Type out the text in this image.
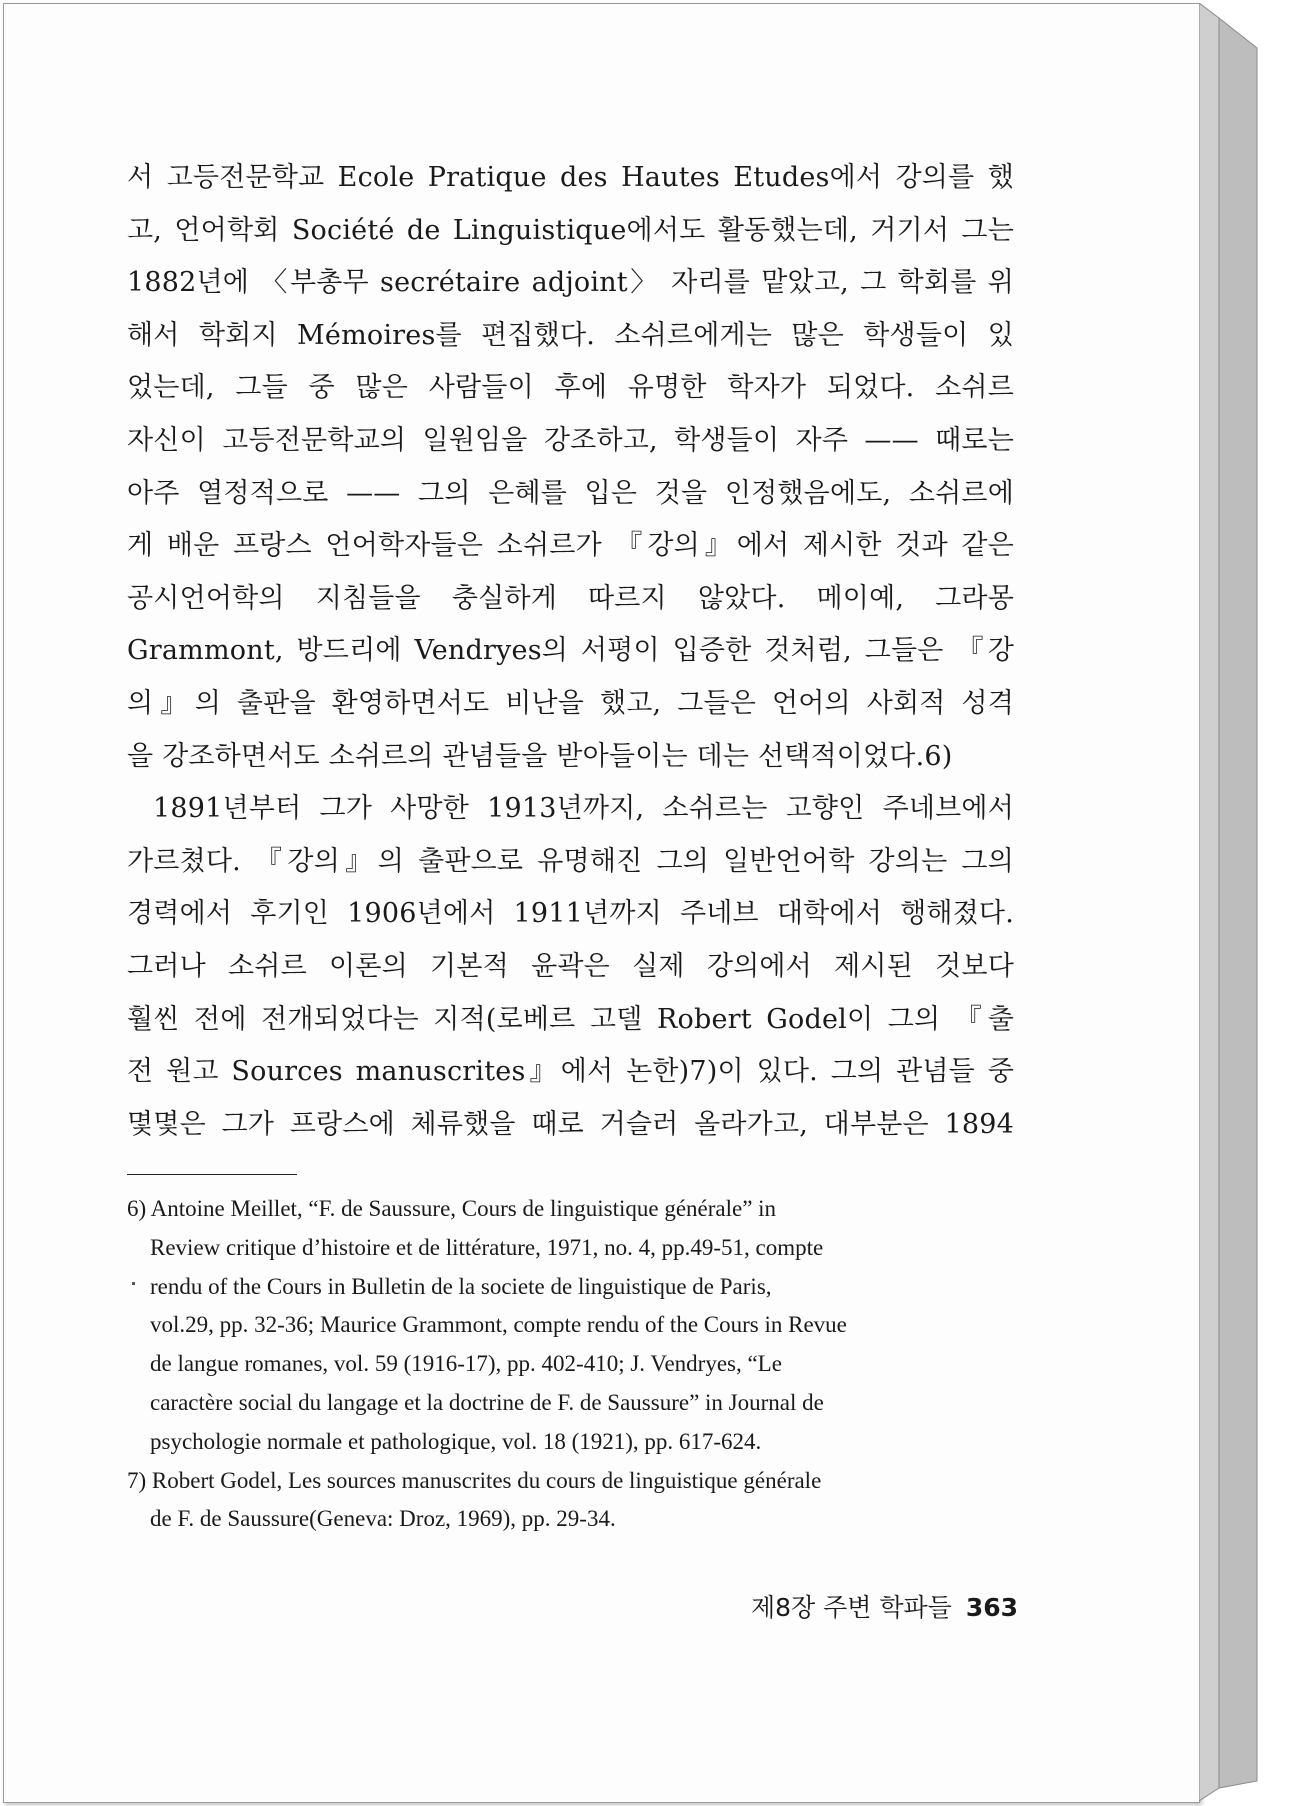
서 고등전문학교 Ecole Pratique des Hautes Etudes에서 강의를 했
고, 언어학회 Société de Linguistique에서도 활동했는데, 거기서 그는
1882년에 〈부총무 secrétaire adjoint〉 자리를 맡았고, 그 학회를 위
해서 학회지 Mémoires를 편집했다. 소쉬르에게는 많은 학생들이 있
었는데, 그들 중 많은 사람들이 후에 유명한 학자가 되었다. 소쉬르
자신이 고등전문학교의 일원임을 강조하고, 학생들이 자주 —— 때로는
아주 열정적으로 —— 그의 은혜를 입은 것을 인정했음에도, 소쉬르에
게 배운 프랑스 언어학자들은 소쉬르가 『강의』에서 제시한 것과 같은
공시언어학의 지침들을 충실하게 따르지 않았다. 메이예, 그라몽
Grammont, 방드리에 Vendryes의 서평이 입증한 것처럼, 그들은 『강
의』의 출판을 환영하면서도 비난을 했고, 그들은 언어의 사회적 성격
을 강조하면서도 소쉬르의 관념들을 받아들이는 데는 선택적이었다.6)
1891년부터 그가 사망한 1913년까지, 소쉬르는 고향인 주네브에서
가르쳤다. 『강의』의 출판으로 유명해진 그의 일반언어학 강의는 그의
경력에서 후기인 1906년에서 1911년까지 주네브 대학에서 행해졌다.
그러나 소쉬르 이론의 기본적 윤곽은 실제 강의에서 제시된 것보다
훨씬 전에 전개되었다는 지적(로베르 고델 Robert Godel이 그의 『출
전 원고 Sources manuscrites』에서 논한)7)이 있다. 그의 관념들 중
몇몇은 그가 프랑스에 체류했을 때로 거슬러 올라가고, 대부분은 1894
6) Antoine Meillet, “F. de Saussure, Cours de linguistique générale” in
Review critique d’histoire et de littérature, 1971, no. 4, pp.49-51, compte
rendu of the Cours in Bulletin de la societe de linguistique de Paris,
vol.29, pp. 32-36; Maurice Grammont, compte rendu of the Cours in Revue
de langue romanes, vol. 59 (1916-17), pp. 402-410; J. Vendryes, “Le
caractère social du langage et la doctrine de F. de Saussure” in Journal de
psychologie normale et pathologique, vol. 18 (1921), pp. 617-624.
7) Robert Godel, Les sources manuscrites du cours de linguistique générale
de F. de Saussure(Geneva: Droz, 1969), pp. 29-34.
제8장 주변 학파들 363
